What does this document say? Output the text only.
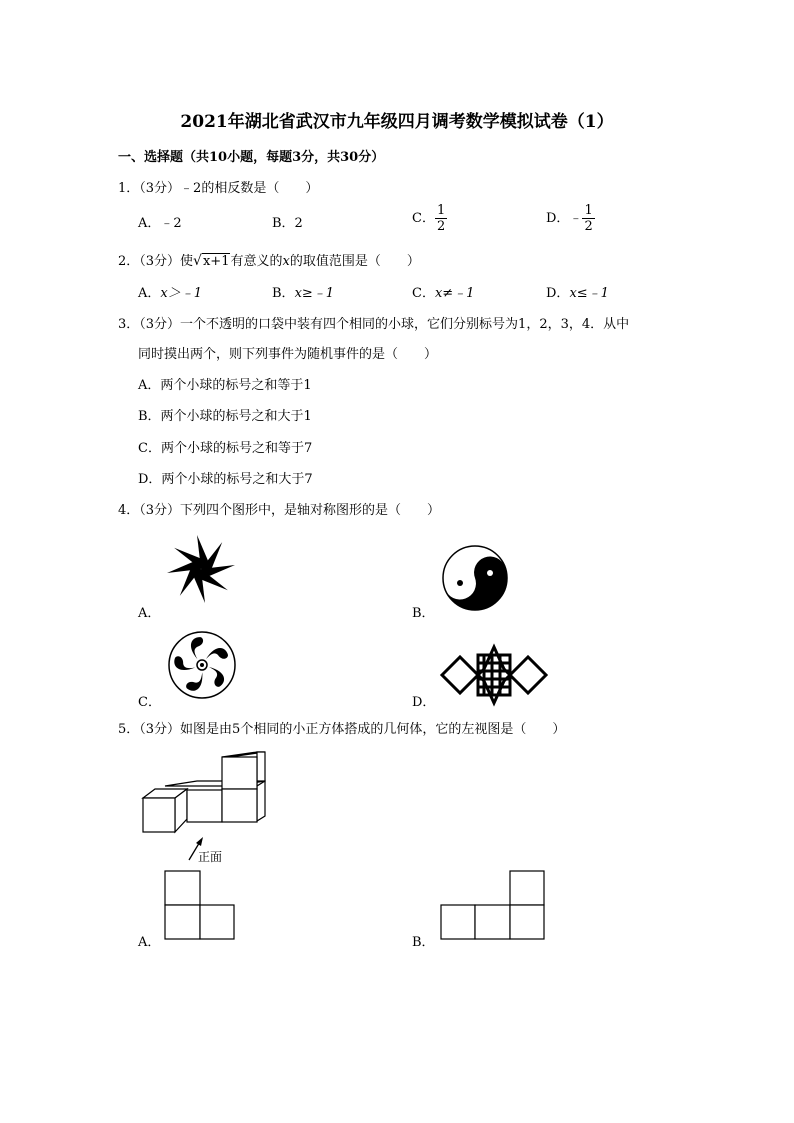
2021年湖北省武汉市九年级四月调考数学模拟试卷（1）
一、选择题（共10小题，每题3分，共30分）
1．（3分）﹣2的相反数是（　　）
A．﹣2	B．2	C． $\frac{1}{2}$	D．﹣ $\frac{1}{2}$
2．（3分）使√x+1有意义的x的取值范围是（　　）
A．x＞﹣1	B．x≥﹣1	C．x≠﹣1	D．x≤﹣1
3．（3分）一个不透明的口袋中装有四个相同的小球，它们分别标号为1，2，3，4．从中
同时摸出两个，则下列事件为随机事件的是（　　）
A．两个小球的标号之和等于1
B．两个小球的标号之和大于1
C．两个小球的标号之和等于7
D．两个小球的标号之和大于7
4．（3分）下列四个图形中，是轴对称图形的是（　　）
A．	B．
C．	D．
5．（3分）如图是由5个相同的小正方体搭成的几何体，它的左视图是（　　）
正面
A．	B．
